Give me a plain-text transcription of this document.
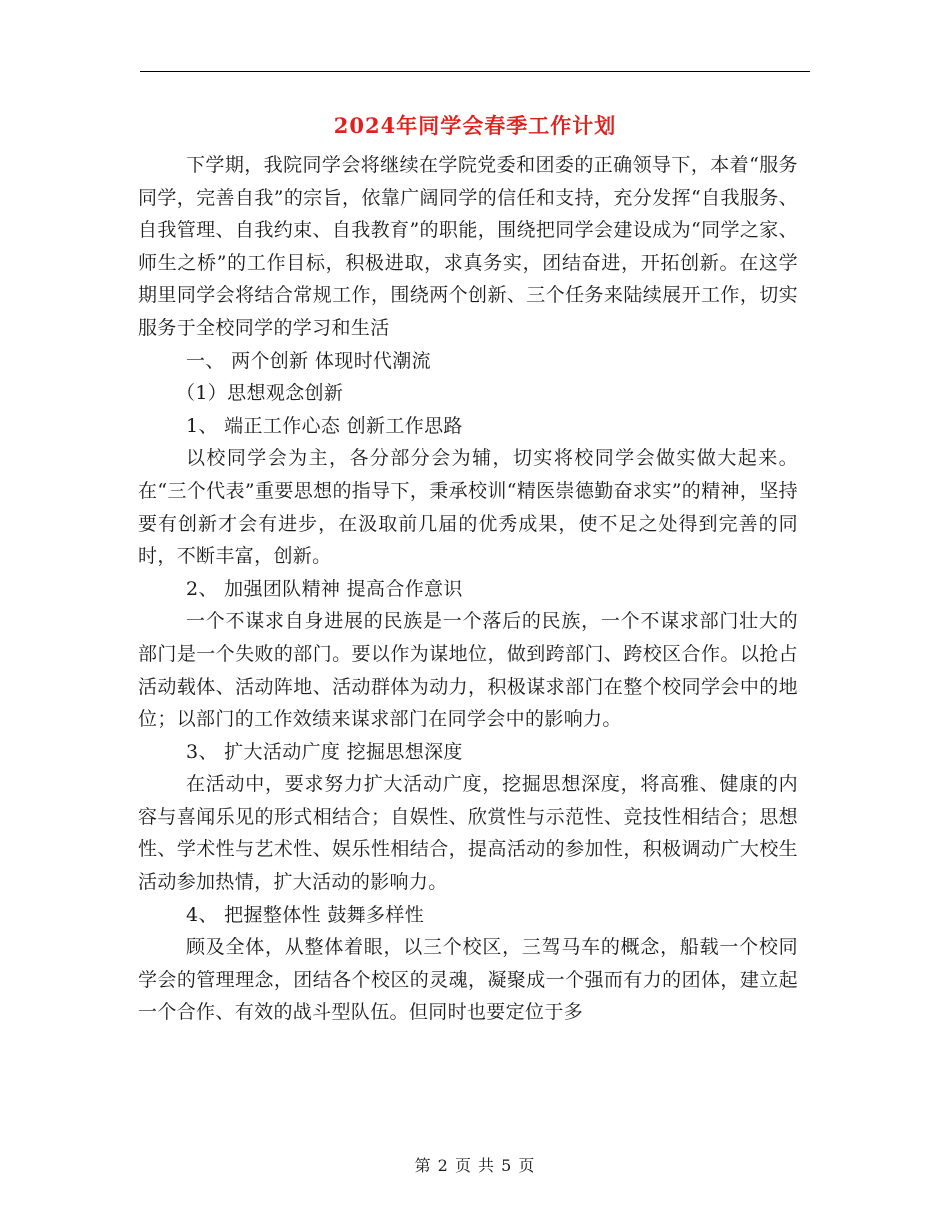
2024年同学会春季工作计划

下学期，我院同学会将继续在学院党委和团委的正确领导下，本着“服务同学，完善自我”的宗旨，依靠广阔同学的信任和支持，充分发挥“自我服务、自我管理、自我约束、自我教育”的职能，围绕把同学会建设成为“同学之家、师生之桥”的工作目标，积极进取，求真务实，团结奋进，开拓创新。在这学期里同学会将结合常规工作，围绕两个创新、三个任务来陆续展开工作，切实服务于全校同学的学习和生活

一、 两个创新 体现时代潮流

（1）思想观念创新

1、 端正工作心态 创新工作思路

以校同学会为主，各分部分会为辅，切实将校同学会做实做大起来。在“三个代表”重要思想的指导下，秉承校训“精医崇德勤奋求实”的精神，坚持要有创新才会有进步，在汲取前几届的优秀成果，使不足之处得到完善的同时，不断丰富，创新。

2、 加强团队精神 提高合作意识

一个不谋求自身进展的民族是一个落后的民族，一个不谋求部门壮大的部门是一个失败的部门。要以作为谋地位，做到跨部门、跨校区合作。以抢占活动载体、活动阵地、活动群体为动力，积极谋求部门在整个校同学会中的地位；以部门的工作效绩来谋求部门在同学会中的影响力。

3、 扩大活动广度 挖掘思想深度

在活动中，要求努力扩大活动广度，挖掘思想深度，将高雅、健康的内容与喜闻乐见的形式相结合；自娱性、欣赏性与示范性、竞技性相结合；思想性、学术性与艺术性、娱乐性相结合，提高活动的参加性，积极调动广大校生活动参加热情，扩大活动的影响力。

4、 把握整体性 鼓舞多样性

顾及全体，从整体着眼，以三个校区，三驾马车的概念，船载一个校同学会的管理理念，团结各个校区的灵魂，凝聚成一个强而有力的团体，建立起一个合作、有效的战斗型队伍。但同时也要定位于多

第 2 页 共 5 页
